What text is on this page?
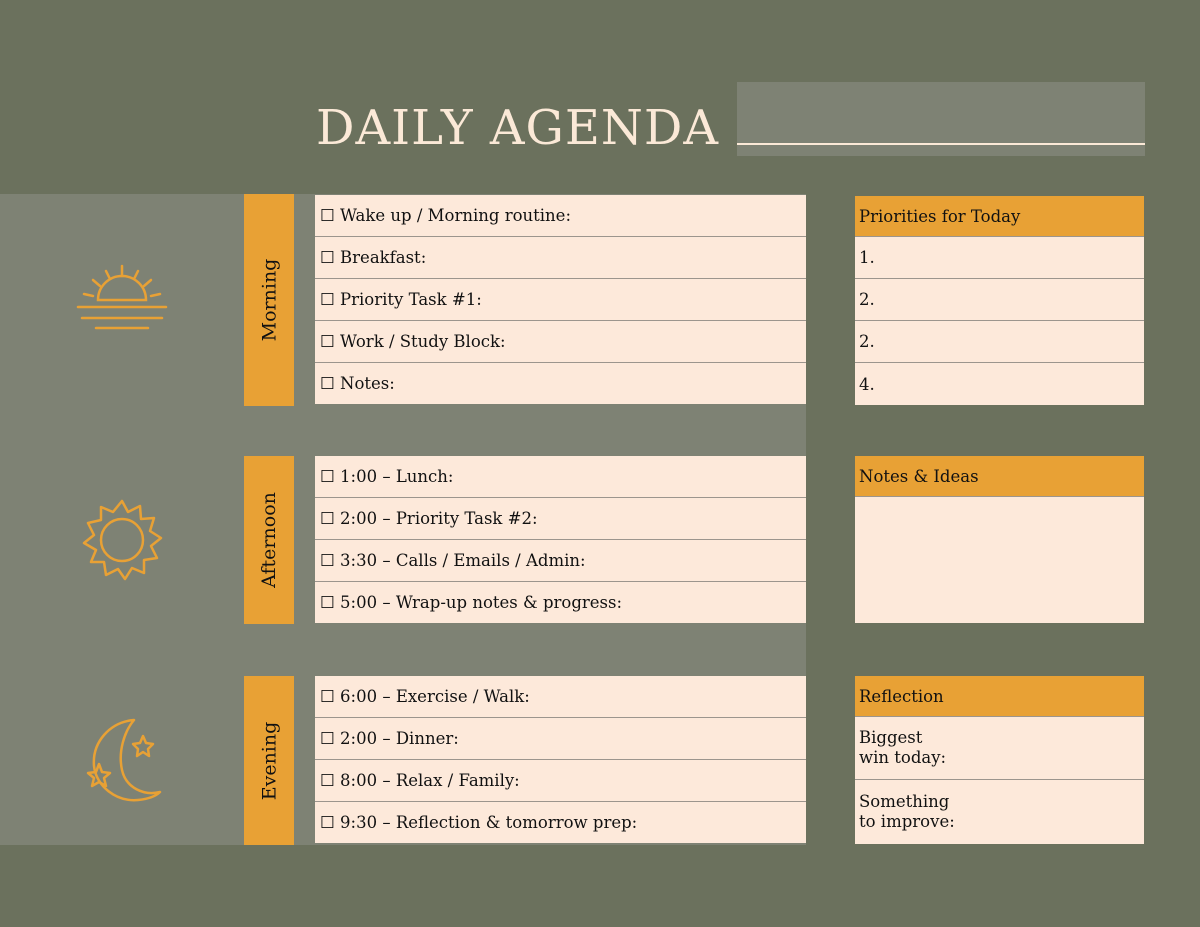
DAILY AGENDA
Morning
Afternoon
Evening
☐ Wake up / Morning routine:
☐ Breakfast:
☐ Priority Task #1:
☐ Work / Study Block:
☐ Notes:
☐ 1:00 – Lunch:
☐ 2:00 – Priority Task #2:
☐ 3:30 – Calls / Emails / Admin:
☐ 5:00 – Wrap-up notes & progress:
☐ 6:00 – Exercise / Walk:
☐ 2:00 – Dinner:
☐ 8:00 – Relax / Family:
☐ 9:30 – Reflection & tomorrow prep:
Priorities for Today
1.
2.
2.
4.
Notes & Ideas
Reflection
Biggest
win today:
Something
to improve:
